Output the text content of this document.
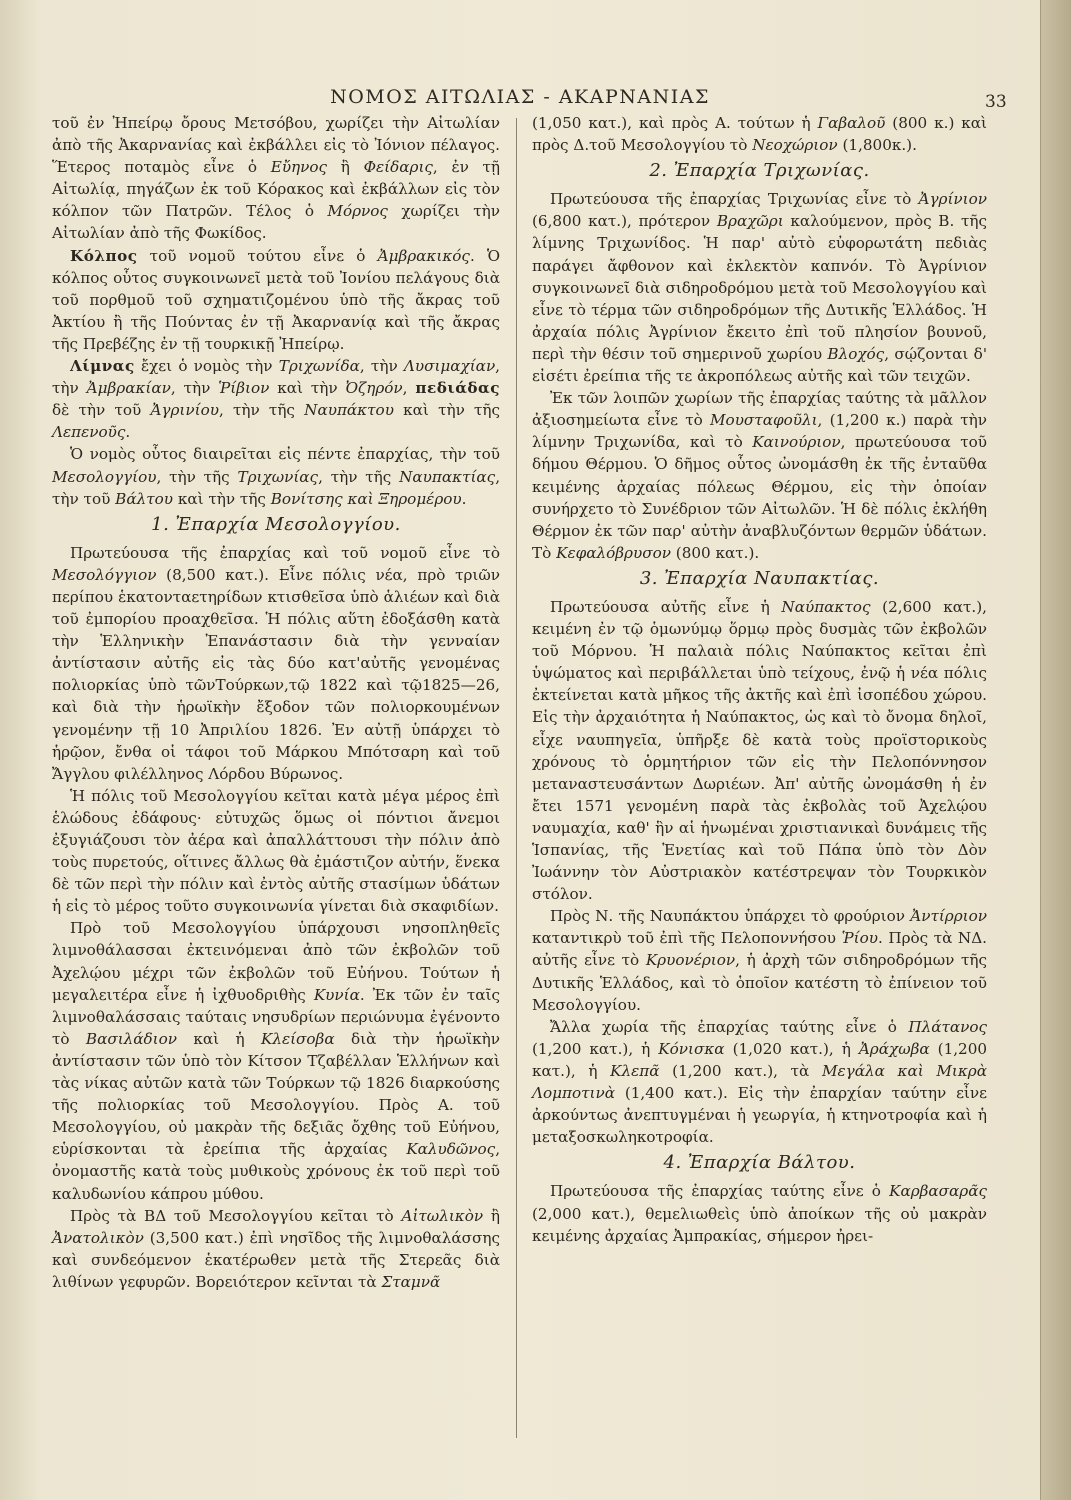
ΝΟΜΟΣ ΑΙΤΩΛΙΑΣ - ΑΚΑΡΝΑΝΙΑΣ	33

τοῦ ἐν Ἠπείρῳ ὄρους Μετσόβου, χωρίζει τὴν Αἰτωλίαν ἀπὸ τῆς Ἀκαρνανίας καὶ ἐκβάλλει εἰς τὸ Ἰόνιον πέλαγος. Ἕτερος ποταμὸς εἶνε ὁ Εὔηνος ἢ Φείδαρις, ἐν τῇ Αἰτωλίᾳ, πηγάζων ἐκ τοῦ Κόρακος καὶ ἐκβάλλων εἰς τὸν κόλπον τῶν Πατρῶν. Τέλος ὁ Μόρνος χωρίζει τὴν Αἰτωλίαν ἀπὸ τῆς Φωκίδος.

Κόλπος τοῦ νομοῦ τούτου εἶνε ὁ Ἀμβρακικός. Ὁ κόλπος οὗτος συγκοινωνεῖ μετὰ τοῦ Ἰονίου πελάγους διὰ τοῦ πορθμοῦ τοῦ σχηματιζομένου ὑπὸ τῆς ἄκρας τοῦ Ἀκτίου ἢ τῆς Πούντας ἐν τῇ Ἀκαρνανίᾳ καὶ τῆς ἄκρας τῆς Πρεβέζης ἐν τῇ τουρκικῇ Ἠπείρῳ.

Λίμνας ἔχει ὁ νομὸς τὴν Τριχωνίδα, τὴν Λυσιμαχίαν, τὴν Ἀμβρακίαν, τὴν Ῥίβιον καὶ τὴν Ὀζηρόν, πεδιάδας δὲ τὴν τοῦ Ἀγρινίου, τὴν τῆς Ναυπάκτου καὶ τὴν τῆς Λεπενοῦς.

Ὁ νομὸς οὗτος διαιρεῖται εἰς πέντε ἐπαρχίας, τὴν τοῦ Μεσολογγίου, τὴν τῆς Τριχωνίας, τὴν τῆς Ναυπακτίας, τὴν τοῦ Βάλτου καὶ τὴν τῆς Βονίτσης καὶ Ξηρομέρου.

1. Ἐπαρχία Μεσολογγίου.

Πρωτεύουσα τῆς ἐπαρχίας καὶ τοῦ νομοῦ εἶνε τὸ Μεσολόγγιον (8,500 κατ.). Εἶνε πόλις νέα, πρὸ τριῶν περίπου ἑκατονταετηρίδων κτισθεῖσα ὑπὸ ἁλιέων καὶ διὰ τοῦ ἐμπορίου προαχθεῖσα. Ἡ πόλις αὕτη ἐδοξάσθη κατὰ τὴν Ἑλληνικὴν Ἐπανάστασιν διὰ τὴν γενναίαν ἀντίστασιν αὐτῆς εἰς τὰς δύο κατ'αὐτῆς γενομένας πολιορκίας ὑπὸ τῶνΤούρκων,τῷ 1822 καὶ τῷ1825—26, καὶ διὰ τὴν ἡρωϊκὴν ἔξοδον τῶν πολιορκουμένων γενομένην τῇ 10 Ἀπριλίου 1826. Ἐν αὐτῇ ὑπάρχει τὸ ἡρῷον, ἔνθα οἱ τάφοι τοῦ Μάρκου Μπότσαρη καὶ τοῦ Ἄγγλου φιλέλληνος Λόρδου Βύρωνος.

Ἡ πόλις τοῦ Μεσολογγίου κεῖται κατὰ μέγα μέρος ἐπὶ ἑλώδους ἐδάφους· εὐτυχῶς ὅμως οἱ πόντιοι ἄνεμοι ἐξυγιάζουσι τὸν ἀέρα καὶ ἀπαλλάττουσι τὴν πόλιν ἀπὸ τοὺς πυρετούς, οἵτινες ἄλλως θὰ ἐμάστιζον αὐτήν, ἕνεκα δὲ τῶν περὶ τὴν πόλιν καὶ ἐντὸς αὐτῆς στασίμων ὑδάτων ἡ εἰς τὸ μέρος τοῦτο συγκοινωνία γίνεται διὰ σκαφιδίων.

Πρὸ τοῦ Μεσολογγίου ὑπάρχουσι νησοπληθεῖς λιμνοθάλασσαι ἐκτεινόμεναι ἀπὸ τῶν ἐκβολῶν τοῦ Ἀχελῴου μέχρι τῶν ἐκβολῶν τοῦ Εὐήνου. Τούτων ἡ μεγαλειτέρα εἶνε ἡ ἰχθυοδριθὴς Κυνία. Ἐκ τῶν ἐν ταῖς λιμνοθαλάσσαις ταύταις νησυδρίων περιώνυμα ἐγένοντο τὸ Βασιλάδιον καὶ ἡ Κλείσοβα διὰ τὴν ἡρωϊκὴν ἀντίστασιν τῶν ὑπὸ τὸν Κίτσον Τζαβέλλαν Ἑλλήνων καὶ τὰς νίκας αὐτῶν κατὰ τῶν Τούρκων τῷ 1826 διαρκούσης τῆς πολιορκίας τοῦ Μεσολογγίου. Πρὸς Α. τοῦ Μεσολογγίου, οὐ μακρὰν τῆς δεξιᾶς ὄχθης τοῦ Εὐήνου, εὑρίσκονται τὰ ἐρείπια τῆς ἀρχαίας Καλυδῶνος, ὀνομαστῆς κατὰ τοὺς μυθικοὺς χρόνους ἐκ τοῦ περὶ τοῦ καλυδωνίου κάπρου μύθου.

Πρὸς τὰ ΒΔ τοῦ Μεσολογγίου κεῖται τὸ Αἰτωλικὸν ἢ Ἀνατολικὸν (3,500 κατ.) ἐπὶ νησῖδος τῆς λιμνοθαλάσσης καὶ συνδεόμενον ἑκατέρωθεν μετὰ τῆς Στερεᾶς διὰ λιθίνων γεφυρῶν. Βορειότερον κεῖνται τὰ Σταμνᾶ

(1,050 κατ.), καὶ πρὸς Α. τούτων ἡ Γαβαλοῦ (800 κ.) καὶ πρὸς Δ.τοῦ Μεσολογγίου τὸ Νεοχώριον (1,800κ.).

2. Ἐπαρχία Τριχωνίας.

Πρωτεύουσα τῆς ἐπαρχίας Τριχωνίας εἶνε τὸ Ἀγρίνιον (6,800 κατ.), πρότερον Βραχῶρι καλούμενον, πρὸς Β. τῆς λίμνης Τριχωνίδος. Ἡ παρ' αὐτὸ εὐφορωτάτη πεδιὰς παράγει ἄφθονον καὶ ἐκλεκτὸν καπνόν. Τὸ Ἀγρίνιον συγκοινωνεῖ διὰ σιδηροδρόμου μετὰ τοῦ Μεσολογγίου καὶ εἶνε τὸ τέρμα τῶν σιδηροδρόμων τῆς Δυτικῆς Ἑλλάδος. Ἡ ἀρχαία πόλις Ἀγρίνιον ἔκειτο ἐπὶ τοῦ πλησίον βουνοῦ, περὶ τὴν θέσιν τοῦ σημερινοῦ χωρίου Βλοχός, σῴζονται δ' εἰσέτι ἐρείπια τῆς τε ἀκροπόλεως αὐτῆς καὶ τῶν τειχῶν.

Ἐκ τῶν λοιπῶν χωρίων τῆς ἐπαρχίας ταύτης τὰ μᾶλλον ἀξιοσημείωτα εἶνε τὸ Μουσταφοῦλι, (1,200 κ.) παρὰ τὴν λίμνην Τριχωνίδα, καὶ τὸ Καινούριον, πρωτεύουσα τοῦ δήμου Θέρμου. Ὁ δῆμος οὗτος ὠνομάσθη ἐκ τῆς ἐνταῦθα κειμένης ἀρχαίας πόλεως Θέρμου, εἰς τὴν ὁποίαν συνήρχετο τὸ Συνέδριον τῶν Αἰτωλῶν. Ἡ δὲ πόλις ἐκλήθη Θέρμον ἐκ τῶν παρ' αὐτὴν ἀναβλυζόντων θερμῶν ὑδάτων. Τὸ Κεφαλόβρυσον (800 κατ.).

3. Ἐπαρχία Ναυπακτίας.

Πρωτεύουσα αὐτῆς εἶνε ἡ Ναύπακτος (2,600 κατ.), κειμένη ἐν τῷ ὁμωνύμῳ ὅρμῳ πρὸς δυσμὰς τῶν ἐκβολῶν τοῦ Μόρνου. Ἡ παλαιὰ πόλις Ναύπακτος κεῖται ἐπὶ ὑψώματος καὶ περιβάλλεται ὑπὸ τείχους, ἐνῷ ἡ νέα πόλις ἐκτείνεται κατὰ μῆκος τῆς ἀκτῆς καὶ ἐπὶ ἰσοπέδου χώρου. Εἰς τὴν ἀρχαιότητα ἡ Ναύπακτος, ὡς καὶ τὸ ὄνομα δηλοῖ, εἶχε ναυπηγεῖα, ὑπῆρξε δὲ κατὰ τοὺς προϊστορικοὺς χρόνους τὸ ὁρμητήριον τῶν εἰς τὴν Πελοπόννησον μεταναστευσάντων Δωριέων. Ἀπ' αὐτῆς ὠνομάσθη ἡ ἐν ἔτει 1571 γενομένη παρὰ τὰς ἐκβολὰς τοῦ Ἀχελῴου ναυμαχία, καθ' ἣν αἱ ἡνωμέναι χριστιανικαὶ δυνάμεις τῆς Ἱσπανίας, τῆς Ἑνετίας καὶ τοῦ Πάπα ὑπὸ τὸν Δὸν Ἰωάννην τὸν Αὐστριακὸν κατέστρεψαν τὸν Τουρκικὸν στόλον.

Πρὸς Ν. τῆς Ναυπάκτου ὑπάρχει τὸ φρούριον Ἀντίρριον καταντικρὺ τοῦ ἐπὶ τῆς Πελοποννήσου Ῥίου. Πρὸς τὰ ΝΔ. αὐτῆς εἶνε τὸ Κρυονέριον, ἡ ἀρχὴ τῶν σιδηροδρόμων τῆς Δυτικῆς Ἑλλάδος, καὶ τὸ ὁποῖον κατέστη τὸ ἐπίνειον τοῦ Μεσολογγίου.

Ἄλλα χωρία τῆς ἐπαρχίας ταύτης εἶνε ὁ Πλάτανος (1,200 κατ.), ἡ Κόνισκα (1,020 κατ.), ἡ Ἀράχωβα (1,200 κατ.), ἡ Κλεπᾶ (1,200 κατ.), τὰ Μεγάλα καὶ Μικρὰ Λομποτινὰ (1,400 κατ.). Εἰς τὴν ἐπαρχίαν ταύτην εἶνε ἀρκούντως ἀνεπτυγμέναι ἡ γεωργία, ἡ κτηνοτροφία καὶ ἡ μεταξοσκωληκοτροφία.

4. Ἐπαρχία Βάλτου.

Πρωτεύουσα τῆς ἐπαρχίας ταύτης εἶνε ὁ Καρβασαρᾶς (2,000 κατ.), θεμελιωθεὶς ὑπὸ ἀποίκων τῆς οὐ μακρὰν κειμένης ἀρχαίας Ἀμπρακίας, σήμερον ἠρει-
